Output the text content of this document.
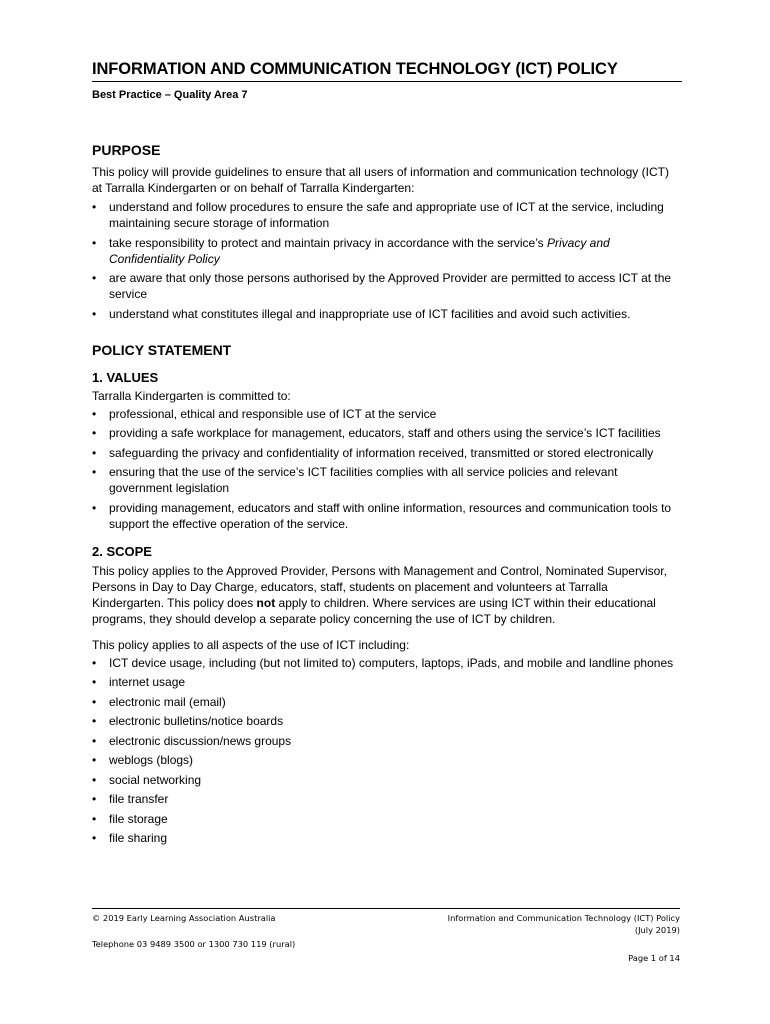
INFORMATION AND COMMUNICATION TECHNOLOGY (ICT) POLICY
Best Practice – Quality Area 7
PURPOSE

This policy will provide guidelines to ensure that all users of information and communication technology (ICT) at Tarralla Kindergarten or on behalf of Tarralla Kindergarten:

• understand and follow procedures to ensure the safe and appropriate use of ICT at the service, including maintaining secure storage of information
• take responsibility to protect and maintain privacy in accordance with the service’s Privacy and Confidentiality Policy
• are aware that only those persons authorised by the Approved Provider are permitted to access ICT at the service
• understand what constitutes illegal and inappropriate use of ICT facilities and avoid such activities.
POLICY STATEMENT
1. VALUES

Tarralla Kindergarten is committed to:

• professional, ethical and responsible use of ICT at the service
• providing a safe workplace for management, educators, staff and others using the service’s ICT facilities
• safeguarding the privacy and confidentiality of information received, transmitted or stored electronically
• ensuring that the use of the service’s ICT facilities complies with all service policies and relevant government legislation
• providing management, educators and staff with online information, resources and communication tools to support the effective operation of the service.
2. SCOPE

This policy applies to the Approved Provider, Persons with Management and Control, Nominated Supervisor, Persons in Day to Day Charge, educators, staff, students on placement and volunteers at Tarralla Kindergarten. This policy does not apply to children. Where services are using ICT within their educational programs, they should develop a separate policy concerning the use of ICT by children.

This policy applies to all aspects of the use of ICT including:

• ICT device usage, including (but not limited to) computers, laptops, iPads, and mobile and landline phones
• internet usage
• electronic mail (email)
• electronic bulletins/notice boards
• electronic discussion/news groups
• weblogs (blogs)
• social networking
• file transfer
• file storage
• file sharing
© 2019 Early Learning Association Australia	Information and Communication Technology (ICT) Policy
(July 2019)
Telephone 03 9489 3500 or 1300 730 119 (rural)
Page 1 of 14
